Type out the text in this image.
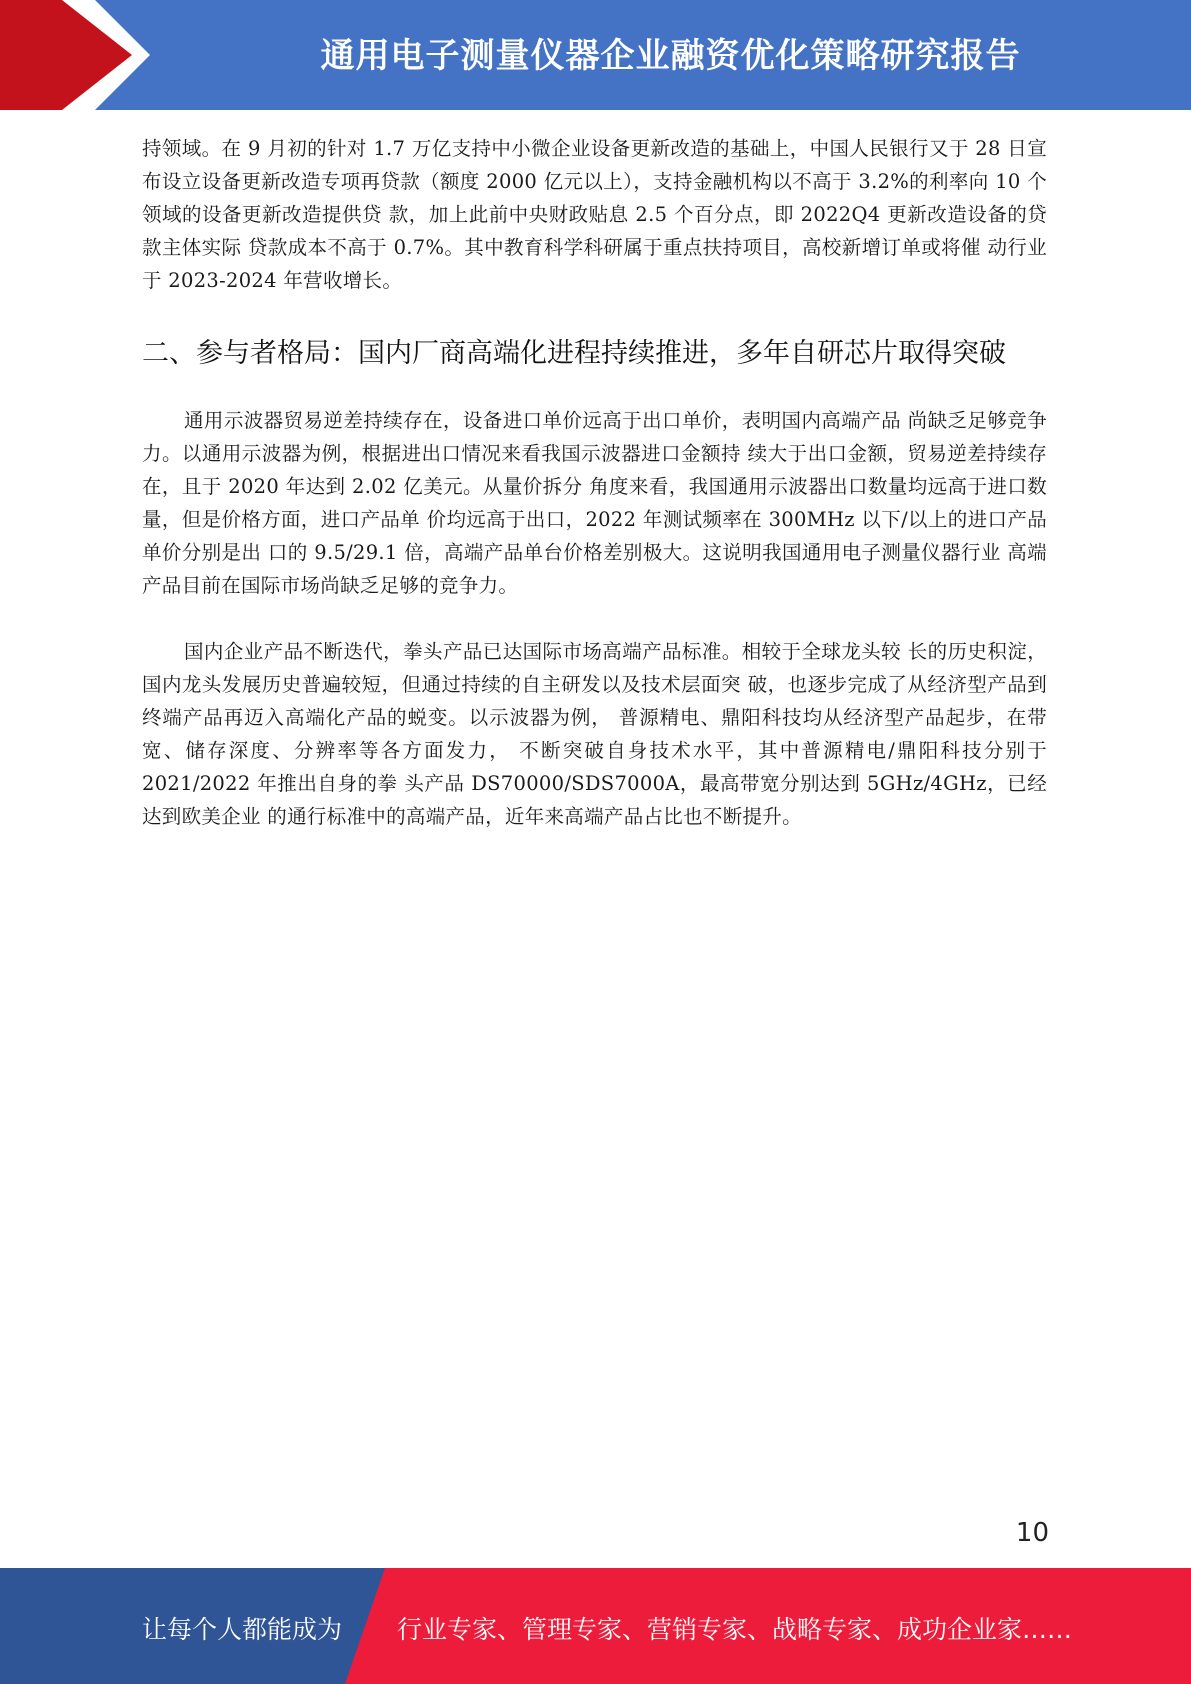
通用电子测量仪器企业融资优化策略研究报告

持领域。在 9 月初的针对 1.7 万亿支持中小微企业设备更新改造的基础上，中国人民银行又于 28 日宣布设立设备更新改造专项再贷款（额度 2000 亿元以上），支持金融机构以不高于 3.2%的利率向 10 个领域的设备更新改造提供贷 款，加上此前中央财政贴息 2.5 个百分点，即 2022Q4 更新改造设备的贷款主体实际 贷款成本不高于 0.7%。其中教育科学科研属于重点扶持项目，高校新增订单或将催 动行业于 2023-2024 年营收增长。

二、参与者格局：国内厂商高端化进程持续推进，多年自研芯片取得突破

通用示波器贸易逆差持续存在，设备进口单价远高于出口单价，表明国内高端产品 尚缺乏足够竞争力。以通用示波器为例，根据进出口情况来看我国示波器进口金额持 续大于出口金额，贸易逆差持续存在，且于 2020 年达到 2.02 亿美元。从量价拆分 角度来看，我国通用示波器出口数量均远高于进口数量，但是价格方面，进口产品单 价均远高于出口，2022 年测试频率在 300MHz 以下/以上的进口产品单价分别是出 口的 9.5/29.1 倍，高端产品单台价格差别极大。这说明我国通用电子测量仪器行业 高端产品目前在国际市场尚缺乏足够的竞争力。

国内企业产品不断迭代，拳头产品已达国际市场高端产品标准。相较于全球龙头较 长的历史积淀，国内龙头发展历史普遍较短，但通过持续的自主研发以及技术层面突 破，也逐步完成了从经济型产品到终端产品再迈入高端化产品的蜕变。以示波器为例， 普源精电、鼎阳科技均从经济型产品起步，在带宽、储存深度、分辨率等各方面发力， 不断突破自身技术水平，其中普源精电/鼎阳科技分别于 2021/2022 年推出自身的拳 头产品 DS70000/SDS7000A，最高带宽分别达到 5GHz/4GHz，已经达到欧美企业 的通行标准中的高端产品，近年来高端产品占比也不断提升。

10
让每个人都能成为 行业专家、管理专家、营销专家、战略专家、成功企业家……
